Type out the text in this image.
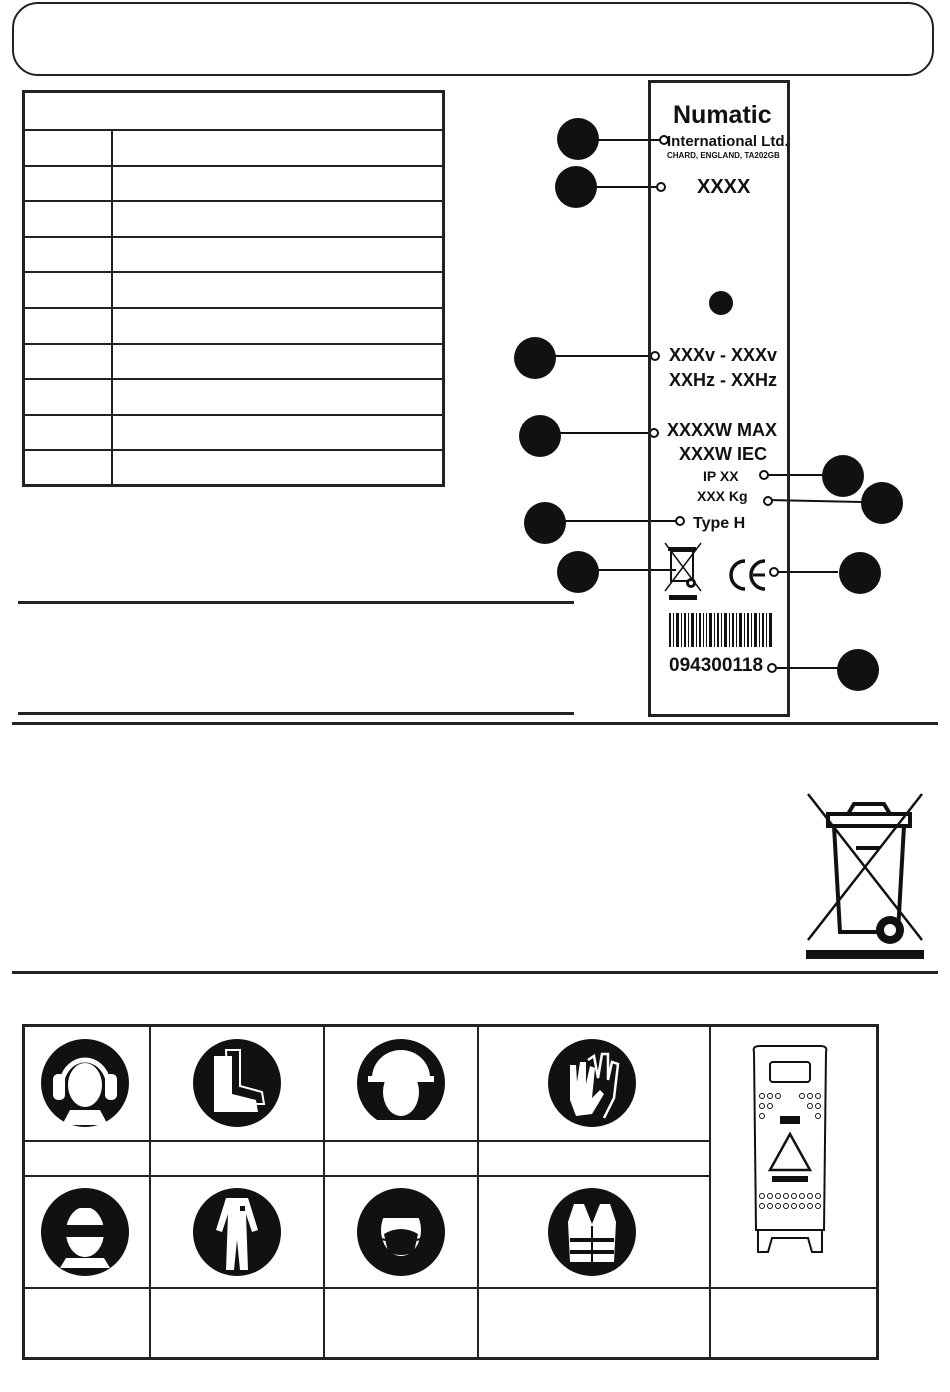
Numatic
International Ltd.
CHARD, ENGLAND, TA202GB
XXXX
XXXv - XXXv
XXHz - XXHz
XXXXW MAX
XXXW IEC
IP XX
XXX Kg
Type H
094300118
